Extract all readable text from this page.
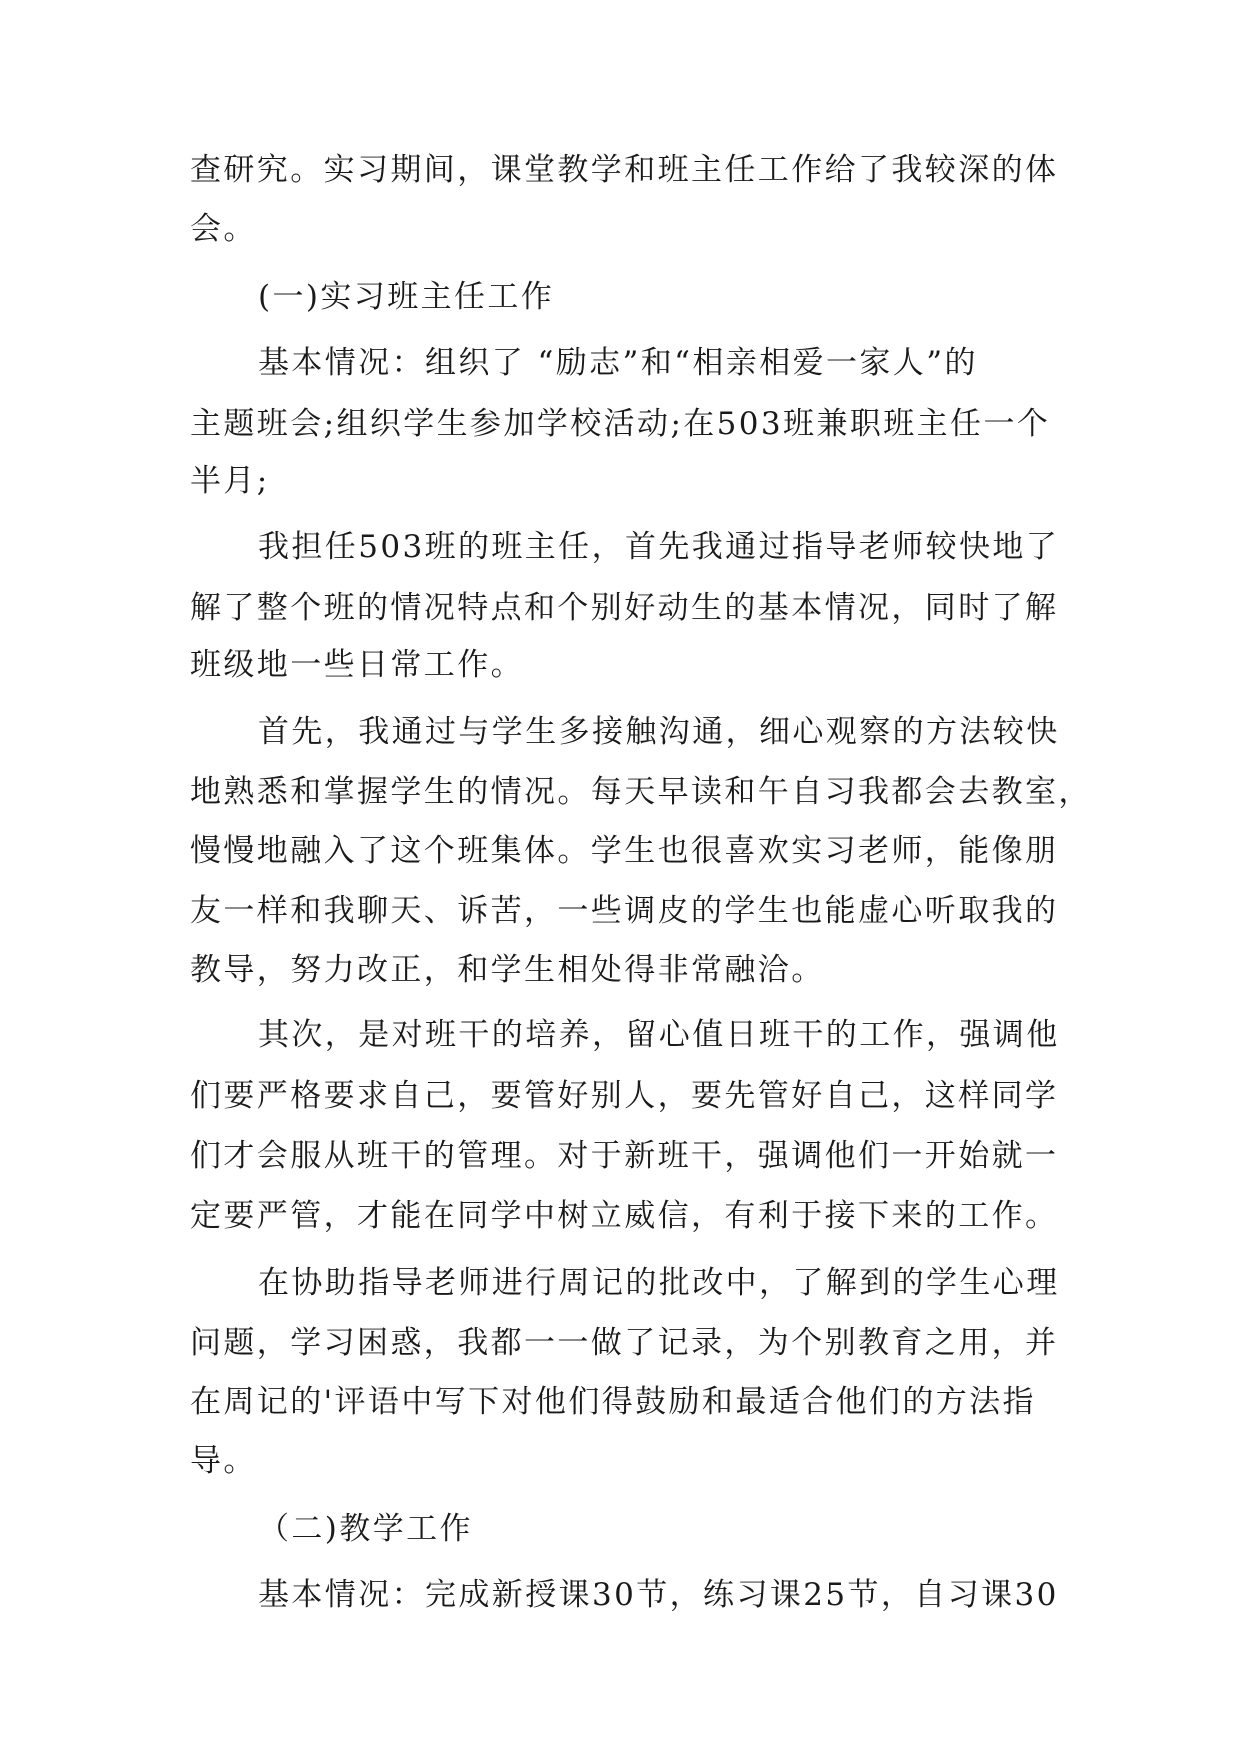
查研究。实习期间，课堂教学和班主任工作给了我较深的体
会。
(一)实习班主任工作
基本情况：组织了 “励志”和“相亲相爱一家人”的
主题班会;组织学生参加学校活动;在503班兼职班主任一个
半月;
我担任503班的班主任，首先我通过指导老师较快地了
解了整个班的情况特点和个别好动生的基本情况，同时了解
班级地一些日常工作。
首先，我通过与学生多接触沟通，细心观察的方法较快
地熟悉和掌握学生的情况。每天早读和午自习我都会去教室，
慢慢地融入了这个班集体。学生也很喜欢实习老师，能像朋
友一样和我聊天、诉苦，一些调皮的学生也能虚心听取我的
教导，努力改正，和学生相处得非常融洽。
其次，是对班干的培养，留心值日班干的工作，强调他
们要严格要求自己，要管好别人，要先管好自己，这样同学
们才会服从班干的管理。对于新班干，强调他们一开始就一
定要严管，才能在同学中树立威信，有利于接下来的工作。
在协助指导老师进行周记的批改中，了解到的学生心理
问题，学习困惑，我都一一做了记录，为个别教育之用，并
在周记的'评语中写下对他们得鼓励和最适合他们的方法指
导。
（二)教学工作
基本情况：完成新授课30节，练习课25节，自习课30
